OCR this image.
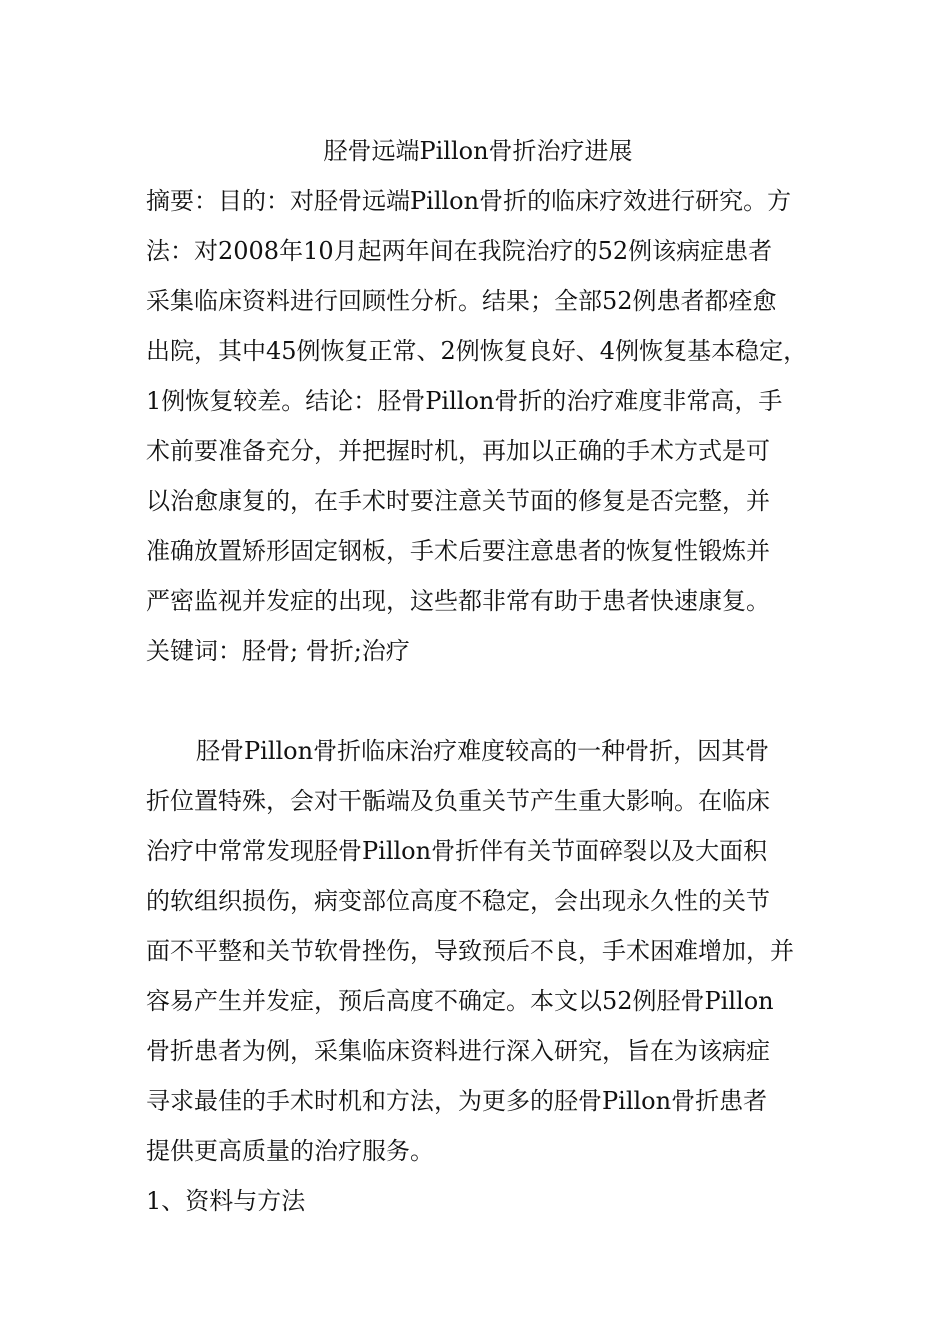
胫骨远端Pillon骨折治疗进展

摘要：目的：对胫骨远端Pillon骨折的临床疗效进行研究。方

法：对2008年10月起两年间在我院治疗的52例该病症患者

采集临床资料进行回顾性分析。结果；全部52例患者都痊愈

出院，其中45例恢复正常、2例恢复良好、4例恢复基本稳定，

1例恢复较差。结论：胫骨Pillon骨折的治疗难度非常高，手

术前要准备充分，并把握时机，再加以正确的手术方式是可

以治愈康复的，在手术时要注意关节面的修复是否完整，并

准确放置矫形固定钢板，手术后要注意患者的恢复性锻炼并

严密监视并发症的出现，这些都非常有助于患者快速康复。

关键词：胫骨; 骨折;治疗

胫骨Pillon骨折临床治疗难度较高的一种骨折，因其骨

折位置特殊，会对干骺端及负重关节产生重大影响。在临床

治疗中常常发现胫骨Pillon骨折伴有关节面碎裂以及大面积

的软组织损伤，病变部位高度不稳定，会出现永久性的关节

面不平整和关节软骨挫伤，导致预后不良，手术困难增加，并

容易产生并发症，预后高度不确定。本文以52例胫骨Pillon

骨折患者为例，采集临床资料进行深入研究，旨在为该病症

寻求最佳的手术时机和方法，为更多的胫骨Pillon骨折患者

提供更高质量的治疗服务。

1、资料与方法
